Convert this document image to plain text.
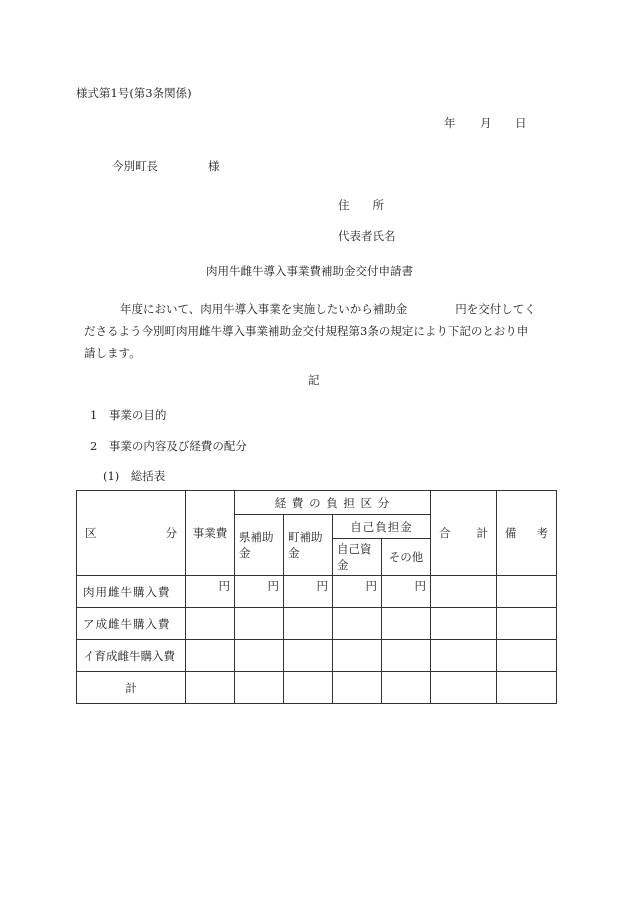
様式第1号(第3条関係)
年 月 日
今別町長	様
住　　所
代表者氏名
肉用牛雌牛導入事業費補助金交付申請書
年度において、肉用牛導入事業を実施したいから補助金	円を交付してく
ださるよう今別町肉用雌牛導入事業補助金交付規程第3条の規定により下記のとおり申
請します。
記
1　事業の目的
2　事業の内容及び経費の配分
(1)　総括表
区 分	事業費	経 費 の 負 担 区 分				合 計	備 考

		県補助金	町補助金	自己負担金			
				自己資金	その他		
肉用雌牛購入費	円	円	円	円	円		
ア成雌牛購入費							
イ育成雌牛購入費							
計							
